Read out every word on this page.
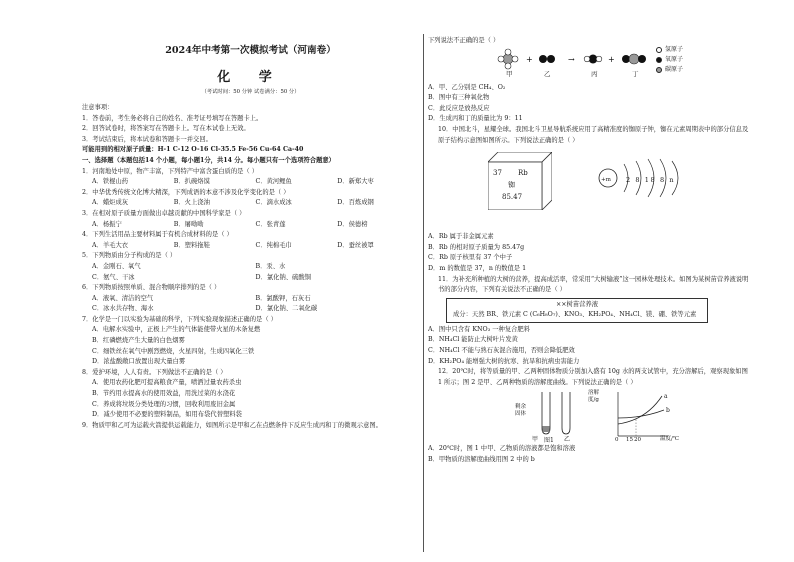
2024年中考第一次模拟考试（河南卷）
化 学
（考试时间：50 分钟 试卷满分：50 分）
注意事项：
1．答卷前，考生务必将自己的姓名、准考证号填写在答题卡上。
2．回答试卷时，将答案写在答题卡上。写在本试卷上无效。
3．考试结束后，将本试卷和答题卡一并交回。
可能用到的相对原子质量：H-1 C-12 O-16 Cl-35.5 Fe-56 Cu-64 Ca-40
一、选择题（本题包括14 个小题，每小题1分，共14 分。每小题只有一个选项符合题意）
1．河南地处中原，物产丰富，下列特产中富含蛋白质的是（ ）
A．铁棍山药	B．扒碗烙馍	C．黄河鲤鱼	D．新郑大枣
2．中华优秀传统文化博大精深，下列成语的本意不涉及化学变化的是（ ）
A．蜡炬成灰	B．火上浇油	C．滴水成冰	D．百炼成钢
3．在相对原子质量方面做出卓越贡献的中国科学家是（ ）
A．杨振宁	B．屠呦呦	C．张青莲	D．侯德榜
4．下列生活用品主要材料属于有机合成材料的是（ ）
A．羊毛大衣	B．塑料拖鞋	C．纯棉毛巾	D．蚕丝被罩
5．下列物质由分子构成的是（ ）
A．金刚石、氧气	B．汞、水
C．氨气、干冰	D．氯化钠、硫酸铜
6．下列物质按照单质、混合物顺序排列的是（ ）
A．液氧、清洁的空气	B．氯酸钾，石灰石
C．冰水共存物、海水	D．氯化钠、二氧化碳
7．化学是一门以实验为基础的科学，下列实验现象描述正确的是（ ）
A．电解水实验中，正极上产生的气体能使带火星的木条复燃
B．红磷燃烧产生大量的白色烟雾
C．细铁丝在氧气中剧烈燃烧，火星四射，生成四氧化三铁
D．浓盐酸敞口放置出现大量白雾
8．爱护环境，人人有责。下列做法不正确的是（ ）
A．使用农药化肥可提高粮食产量，喷洒过量农药杀虫
B．节约用水提高水的使用效益，用洗过菜的水浇花
C．养成将垃圾分类处理的习惯，回收利用废旧金属
D．减少使用不必要的塑料制品，如用布袋代替塑料袋
9．物质甲和乙可为运载火箭提供运载能力，如图所示是甲和乙在点燃条件下反应生成丙和丁的微观示意图。
下列说法不正确的是（ ）
+	→	+
甲	乙	丙	丁
氢原子
氧原子
碳原子
A．甲、乙分别是 CH₄、O₂
B．图中有三种氧化物
C．此反应是放热反应
D．生成丙和丁的质量比为 9：11
10．中国北斗，星耀全球。我国北斗卫星导航系统应用了高精准度的铷原子钟，铷在元素周期表中的部分信息及原子结构示意图如图所示。下列说法正确的是（ ）
37 Rb
铷
85.47
+m 2 8 18 8 n
A．Rb 属于非金属元素
B．Rb 的相对原子质量为 85.47g
C．Rb 原子核里有 37 个中子
D．m 的数值是 37，n 的数值是 1
11．为补充所种植的大树的营养，提高成活率，常采用“大树输液”这一园林处理技术。如图为某树苗营养液说明书的部分内容，下列有关说法不正确的是（ ）
××树苗营养液
成分：天然 BR、铁元素 C (C₆H₈O₇)、KNO₃、KH₂PO₄、NH₄Cl、镁、硼、铁等元素
A．图中只含有 KNO₃ 一种复合肥料
B．NH₄Cl 能防止大树叶片发黄
C．NH₄Cl 不能与熟石灰混合施用，否则会降低肥效
D．KH₂PO₄ 能增强大树的抗寒、抗旱和抗病虫害能力
12．20℃时，将等质量的甲、乙两种固体物质分别加入盛有 10g 水的两支试管中，充分溶解后，观察现象如图 1 所示；图 2 是甲、乙两种物质的溶解度曲线。下列说法正确的是（ ）
剩余固体
甲	乙
图1
溶解度/g	a
b
温度/℃
0 15 20
A．20℃时，图 1 中甲、乙物质的溶液都是饱和溶液
B．甲物质的溶解度曲线用图 2 中的 b
